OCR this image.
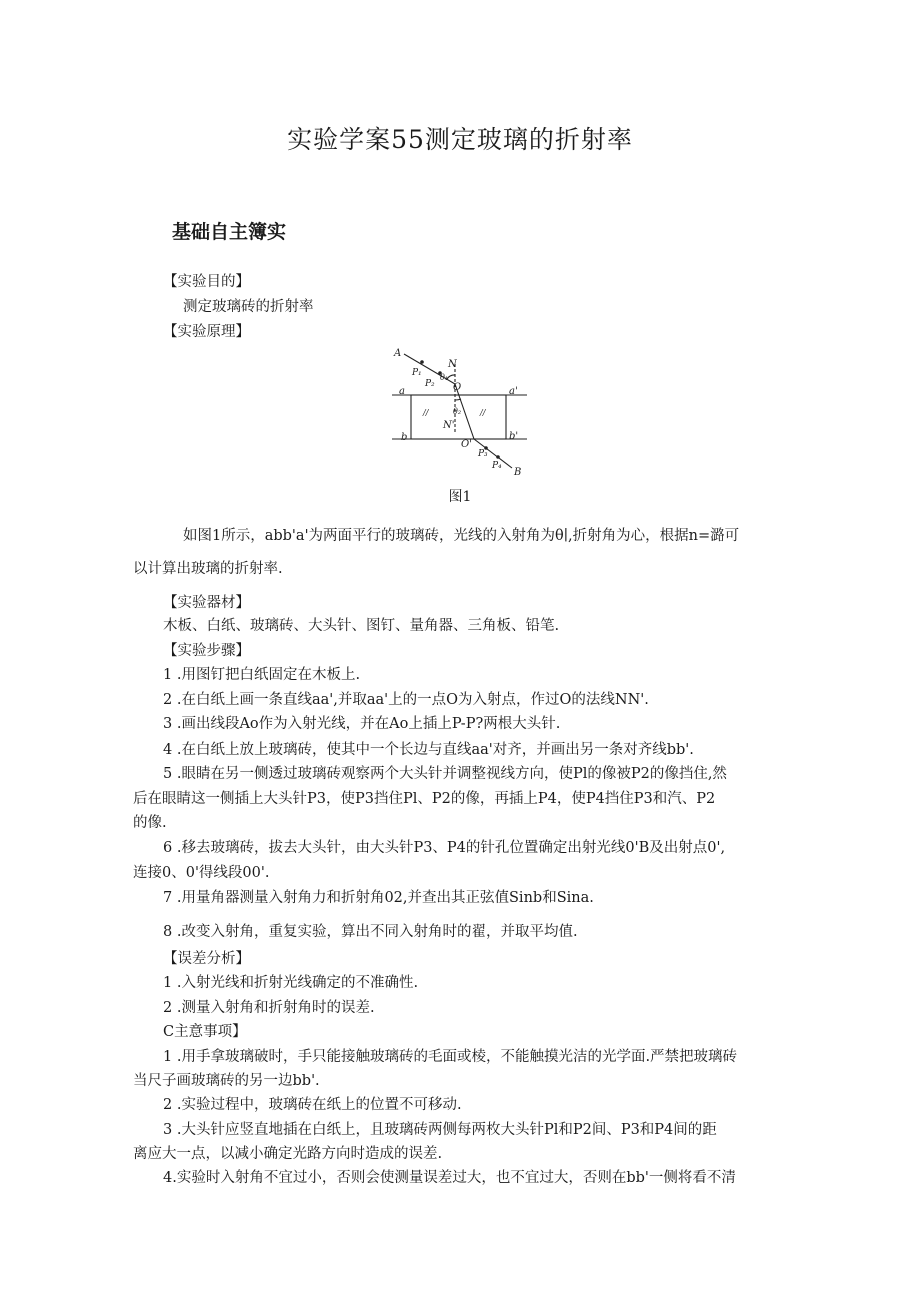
实验学案55测定玻璃的折射率
基础自主簿实
【实验目的】
测定玻璃砖的折射率
【实验原理】
A
B
N
N'
O
O'
a	a'
b	b'
P₁
P₂
P₃
P₄
θ₁
θ₂
//	//
图1
如图1所示，abb'a'为两面平行的玻璃砖，光线的入射角为θ∣,折射角为心，根据n=潞可
以计算出玻璃的折射率.
【实验器材】
木板、白纸、玻璃砖、大头针、图钉、量角器、三角板、铅笔.
【实验步骤】
1 .用图钉把白纸固定在木板上.
2 .在白纸上画一条直线aa',并取aa'上的一点O为入射点，作过O的法线NN'.
3 .画出线段Ao作为入射光线，并在Ao上插上P-P?两根大头针.
4 .在白纸上放上玻璃砖，使其中一个长边与直线aa'对齐，并画出另一条对齐线bb'.
5 .眼睛在另一侧透过玻璃砖观察两个大头针并调整视线方向，使Pl的像被P2的像挡住,然
后在眼睛这一侧插上大头针P3，使P3挡住Pl、P2的像，再插上P4，使P4挡住P3和汽、P2
的像.
6 .移去玻璃砖，拔去大头针，由大头针P3、P4的针孔位置确定出射光线0'B及出射点0',
连接0、0'得线段00'.
7 .用量角器测量入射角力和折射角02,并查出其正弦值Sinb和Sina.
8 .改变入射角，重复实验，算出不同入射角时的翟，并取平均值.
【误差分析】
1 .入射光线和折射光线确定的不准确性.
2 .测量入射角和折射角时的误差.
C主意事项】
1 .用手拿玻璃破时，手只能接触玻璃砖的毛面或棱，不能触摸光洁的光学面.严禁把玻璃砖
当尺子画玻璃砖的另一边bb'.
2 .实验过程中，玻璃砖在纸上的位置不可移动.
3 .大头针应竖直地插在白纸上，且玻璃砖两侧每两枚大头针Pl和P2间、P3和P4间的距
离应大一点，以减小确定光路方向时造成的误差.
4.实验时入射角不宜过小，否则会使测量误差过大，也不宜过大，否则在bb'一侧将看不清
